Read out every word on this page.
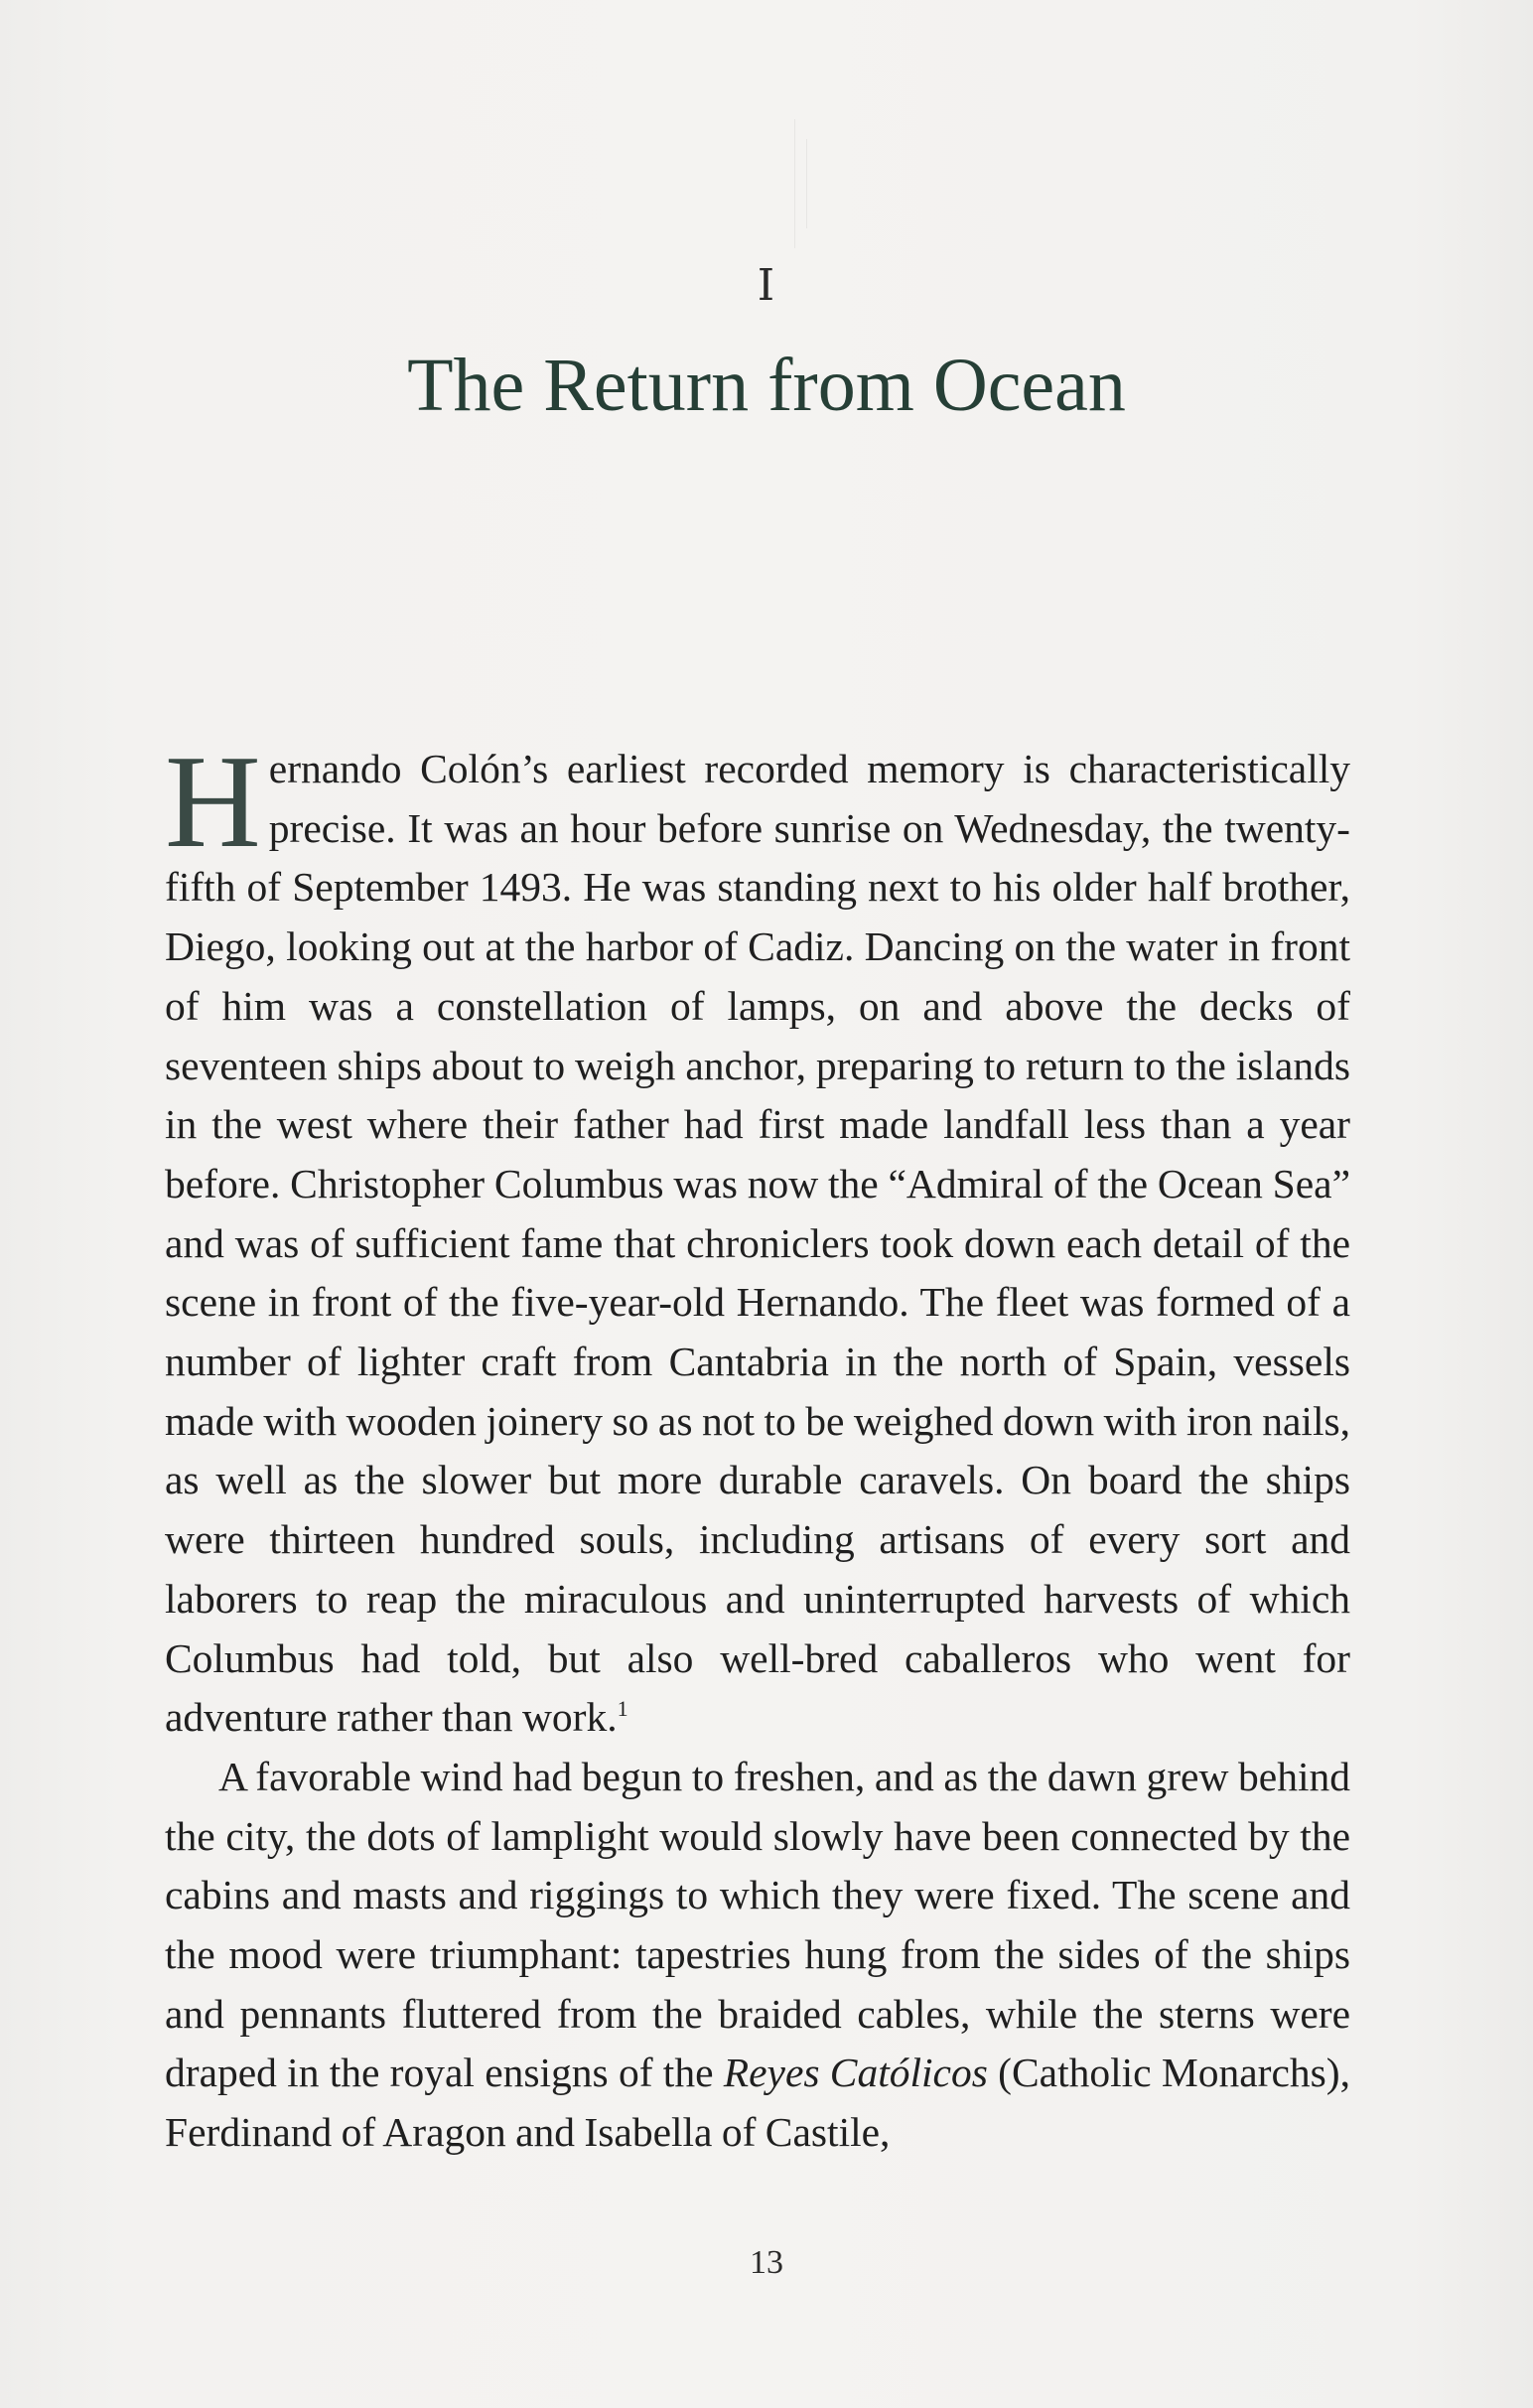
I
The Return from Ocean

Hernando Colón’s earliest recorded memory is characteristically precise. It was an hour before sunrise on Wednesday, the twenty-fifth of September 1493. He was standing next to his older half brother, Diego, looking out at the harbor of Cadiz. Dancing on the water in front of him was a constellation of lamps, on and above the decks of seventeen ships about to weigh anchor, preparing to return to the islands in the west where their father had first made landfall less than a year before. Christopher Columbus was now the “Admiral of the Ocean Sea” and was of sufficient fame that chroniclers took down each detail of the scene in front of the five-year-old Hernando. The fleet was formed of a number of lighter craft from Cantabria in the north of Spain, vessels made with wooden joinery so as not to be weighed down with iron nails, as well as the slower but more durable caravels. On board the ships were thirteen hundred souls, including artisans of every sort and laborers to reap the miraculous and uninterrupted harvests of which Columbus had told, but also well-bred caballeros who went for adventure rather than work.$^1$

A favorable wind had begun to freshen, and as the dawn grew behind the city, the dots of lamplight would slowly have been connected by the cabins and masts and riggings to which they were fixed. The scene and the mood were triumphant: tapestries hung from the sides of the ships and pennants fluttered from the braided cables, while the sterns were draped in the royal ensigns of the Reyes Católicos (Catholic Monarchs), Ferdinand of Aragon and Isabella of Castile,

13
